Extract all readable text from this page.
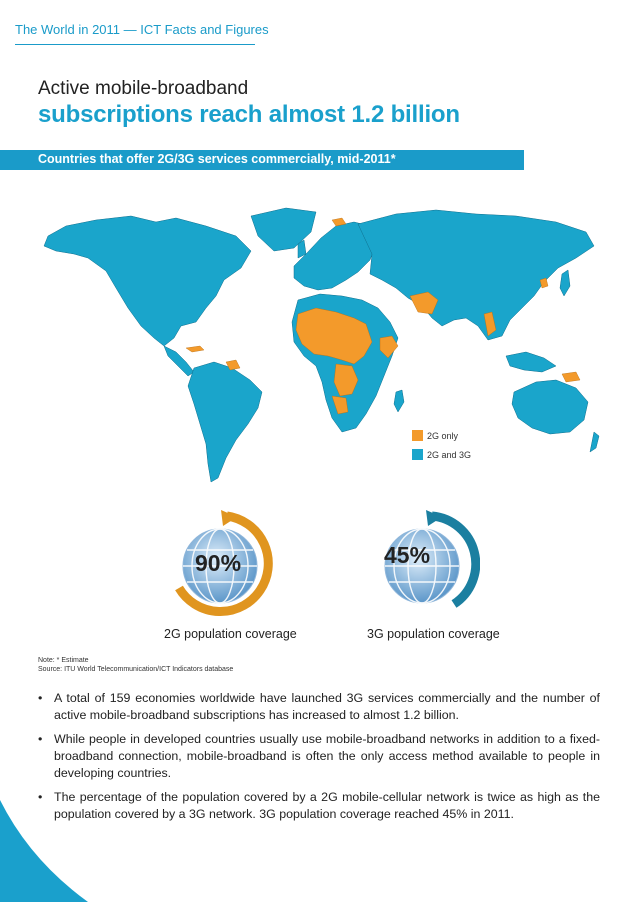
The World in 2011 — ICT Facts and Figures
Active mobile-broadband
subscriptions reach almost 1.2 billion
Countries that offer 2G/3G services commercially, mid-2011*
2G only
2G and 3G
90%
2G population coverage
45%
3G population coverage
Note: * Estimate
Source: ITU World Telecommunication/ICT Indicators database
• A total of 159 economies worldwide have launched 3G services commercially and the number of active mobile-broadband subscriptions has increased to almost 1.2 billion.
• While people in developed countries usually use mobile-broadband networks in addition to a fixed-broadband connection, mobile-broadband is often the only access method available to people in developing countries.
• The percentage of the population covered by a 2G mobile-cellular network is twice as high as the population covered by a 3G network. 3G population coverage reached 45% in 2011.
